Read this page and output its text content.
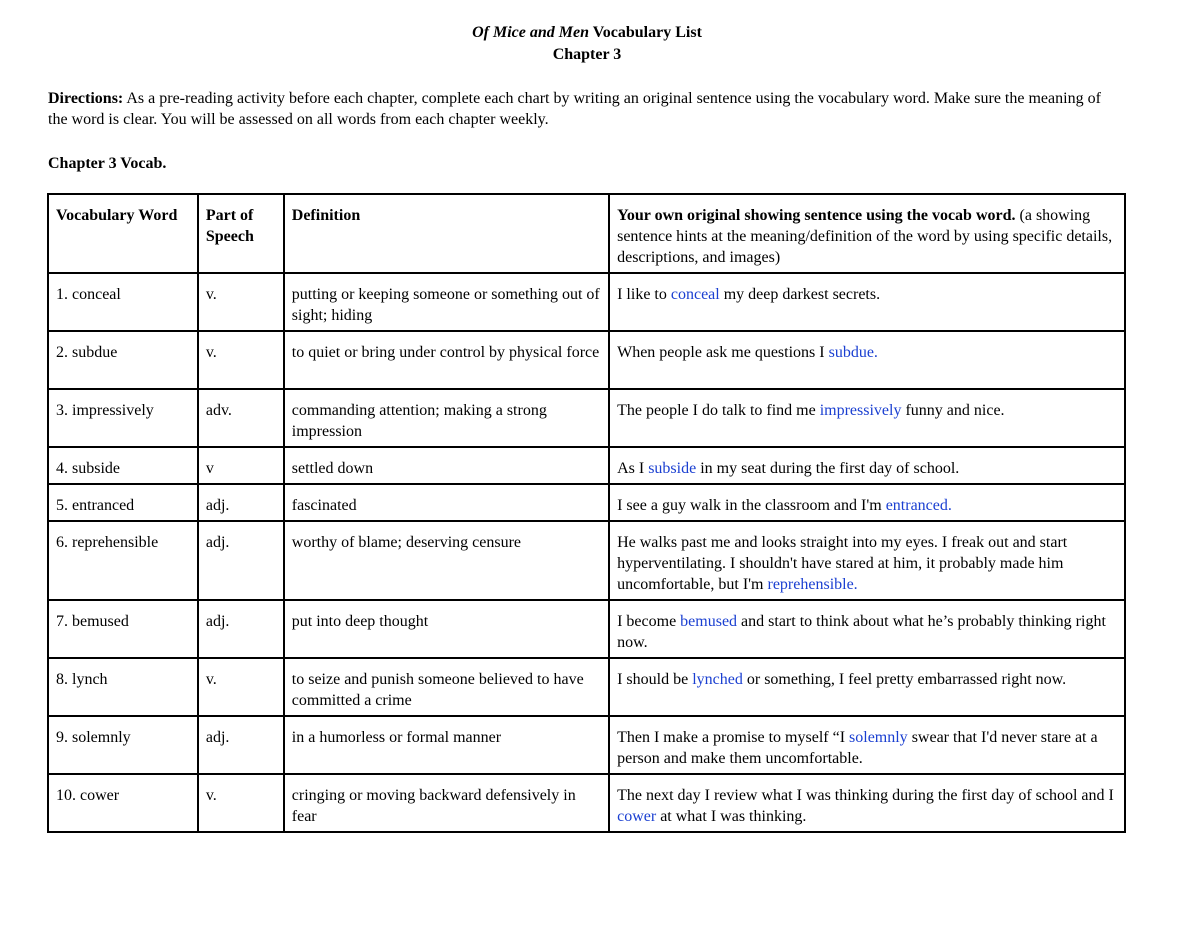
Of Mice and Men Vocabulary List
Chapter 3
Directions: As a pre-reading activity before each chapter, complete each chart by writing an original sentence using the vocabulary word. Make sure the meaning of the word is clear. You will be assessed on all words from each chapter weekly.
Chapter 3 Vocab.
Vocabulary Word	Part of Speech	Definition	Your own original showing sentence using the vocab word. (a showing sentence hints at the meaning/definition of the word by using specific details, descriptions, and images)
1. conceal	v.	putting or keeping someone or something out of sight; hiding	I like to conceal my deep darkest secrets.
2. subdue	v.	to quiet or bring under control by physical force	When people ask me questions I subdue.
3. impressively	adv.	commanding attention; making a strong impression	The people I do talk to find me impressively funny and nice.
4. subside	v	settled down	As I subside in my seat during the first day of school.
5. entranced	adj.	fascinated	I see a guy walk in the classroom and I'm entranced.
6. reprehensible	adj.	worthy of blame; deserving censure	He walks past me and looks straight into my eyes. I freak out and start hyperventilating. I shouldn't have stared at him, it probably made him uncomfortable, but I'm reprehensible.
7. bemused	adj.	put into deep thought	I become bemused and start to think about what he’s probably thinking right now.
8. lynch	v.	to seize and punish someone believed to have committed a crime	I should be lynched or something, I feel pretty embarrassed right now.
9. solemnly	adj.	in a humorless or formal manner	Then I make a promise to myself “I solemnly swear that I'd never stare at a person and make them uncomfortable.
10. cower	v.	cringing or moving backward defensively in fear	The next day I review what I was thinking during the first day of school and I cower at what I was thinking.
